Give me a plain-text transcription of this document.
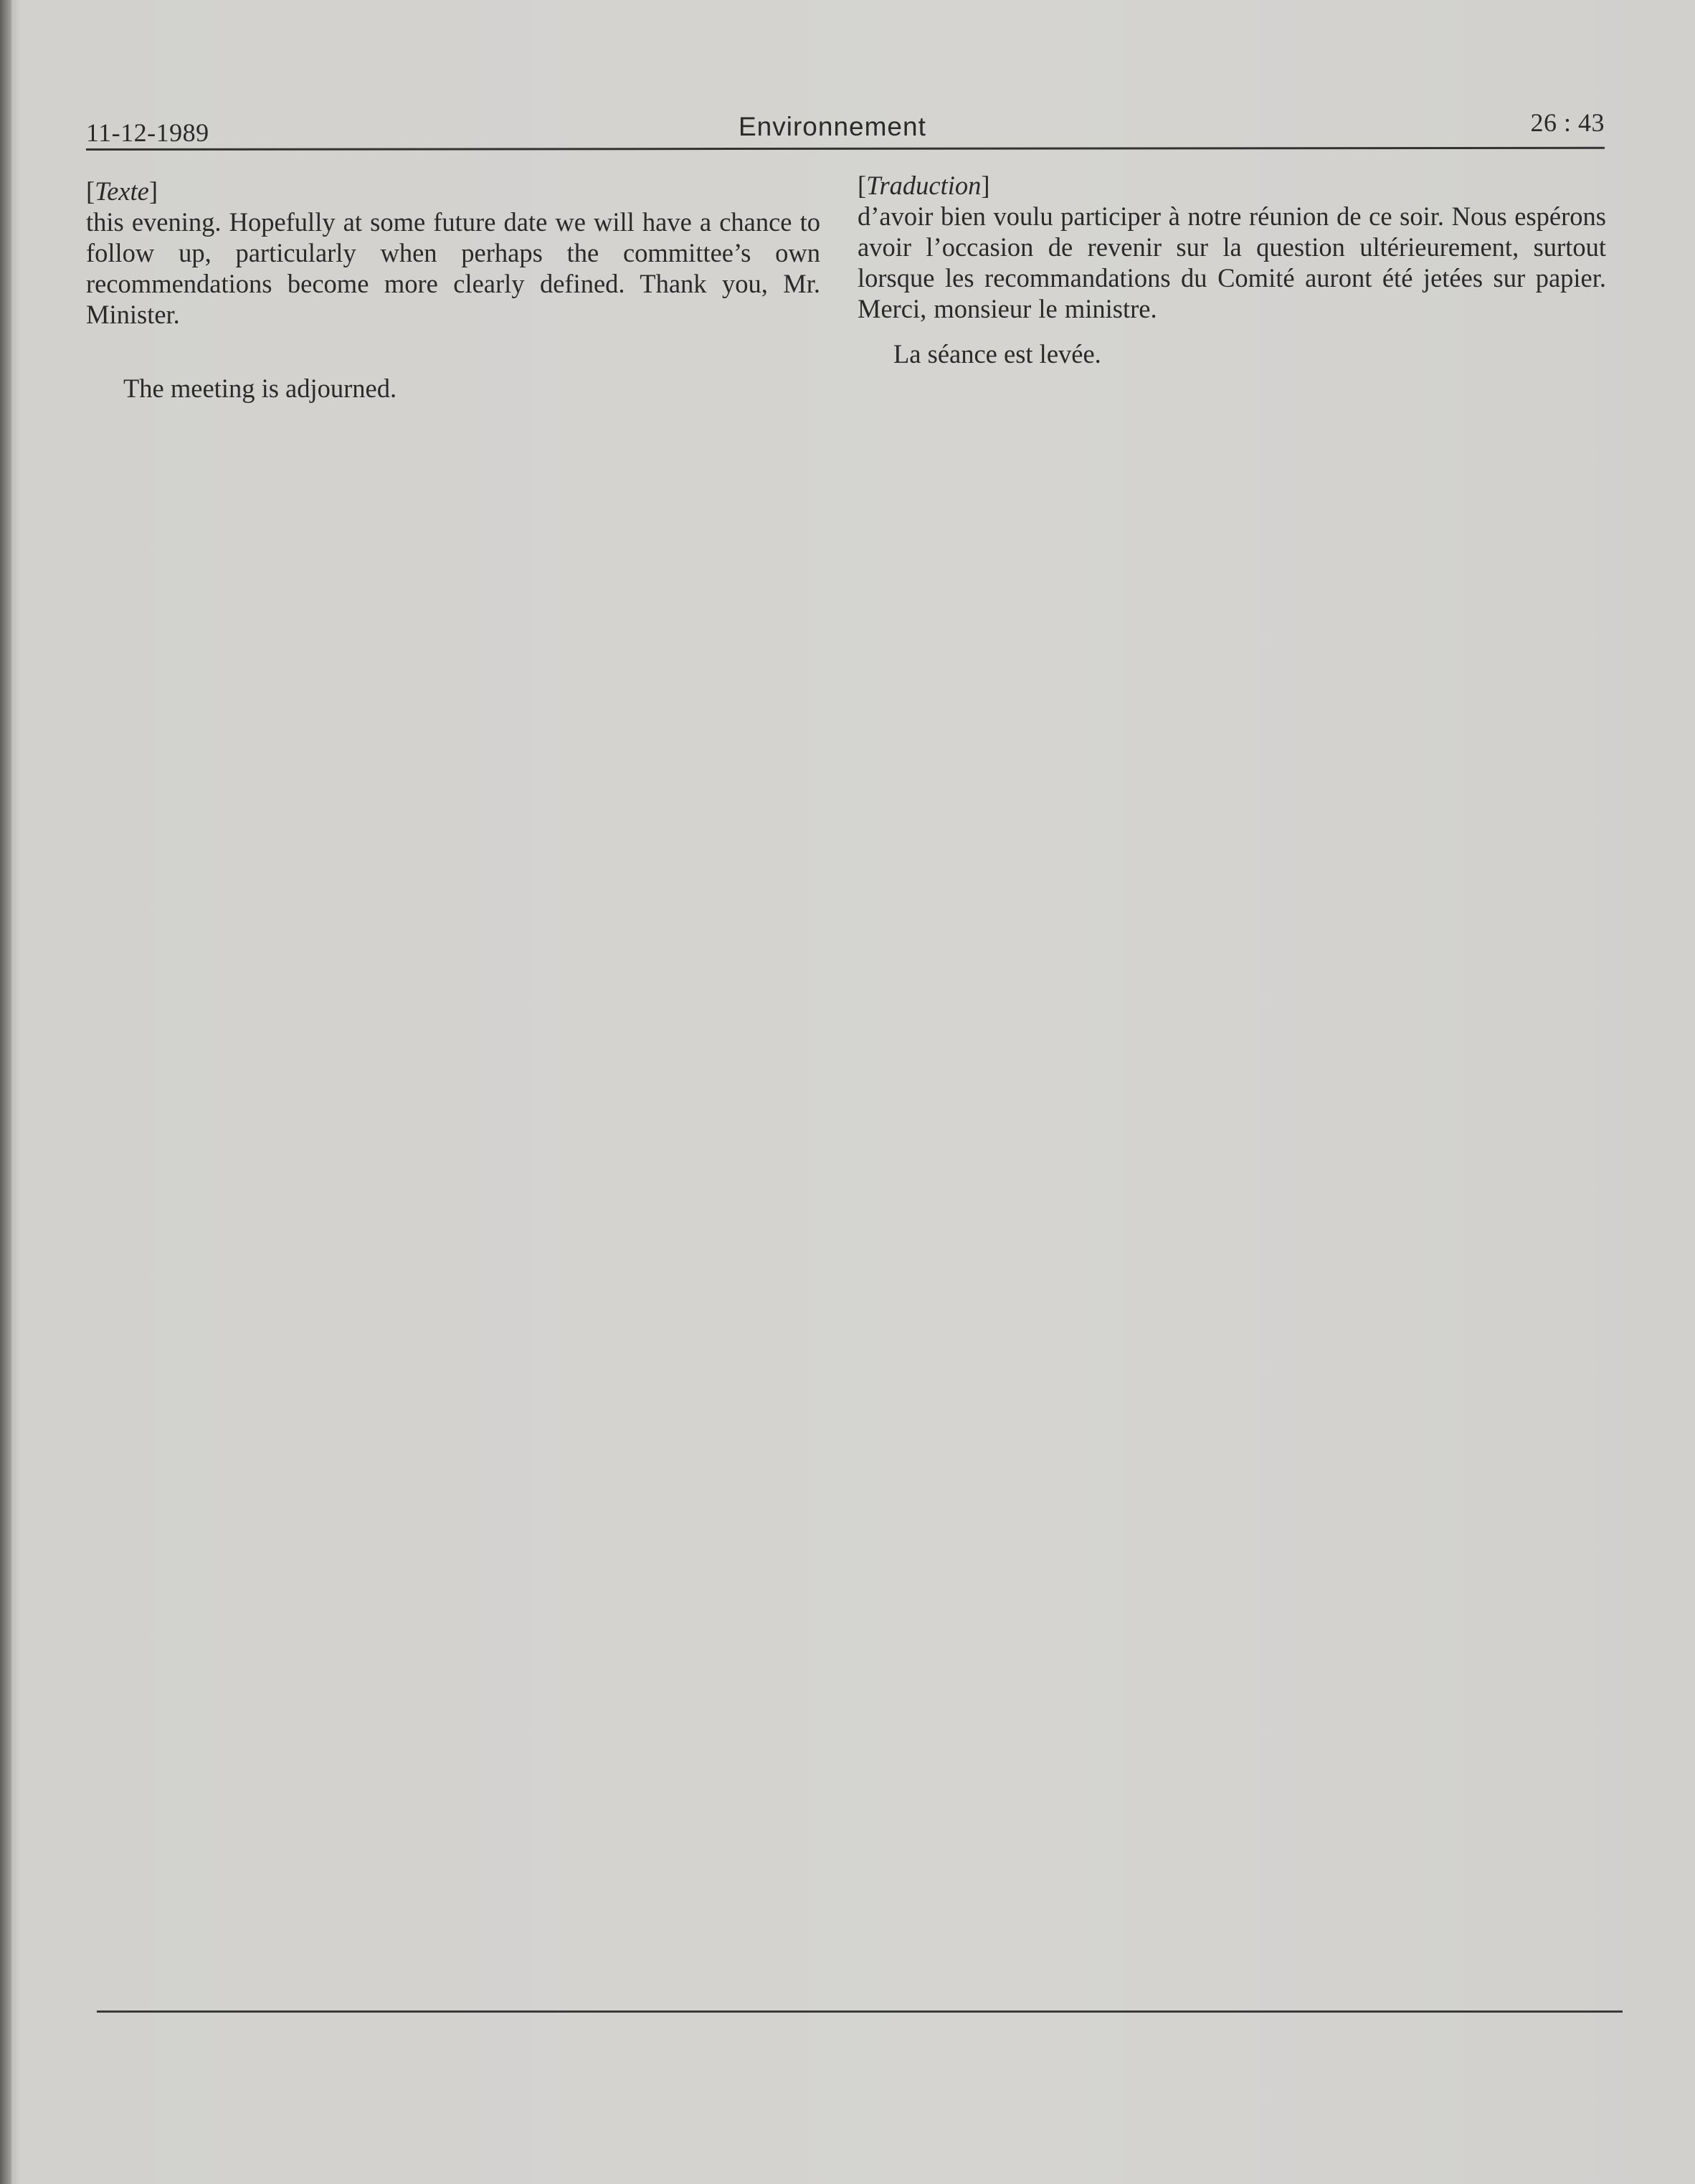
11-12-1989	Environnement	26 : 43
[Texte]

this evening. Hopefully at some future date we will have a chance to follow up, particularly when perhaps the committee’s own recommendations become more clearly defined. Thank you, Mr. Minister.

The meeting is adjourned.

[Traduction]

d’avoir bien voulu participer à notre réunion de ce soir. Nous espérons avoir l’occasion de revenir sur la question ultérieurement, surtout lorsque les recommandations du Comité auront été jetées sur papier. Merci, monsieur le ministre.

La séance est levée.
